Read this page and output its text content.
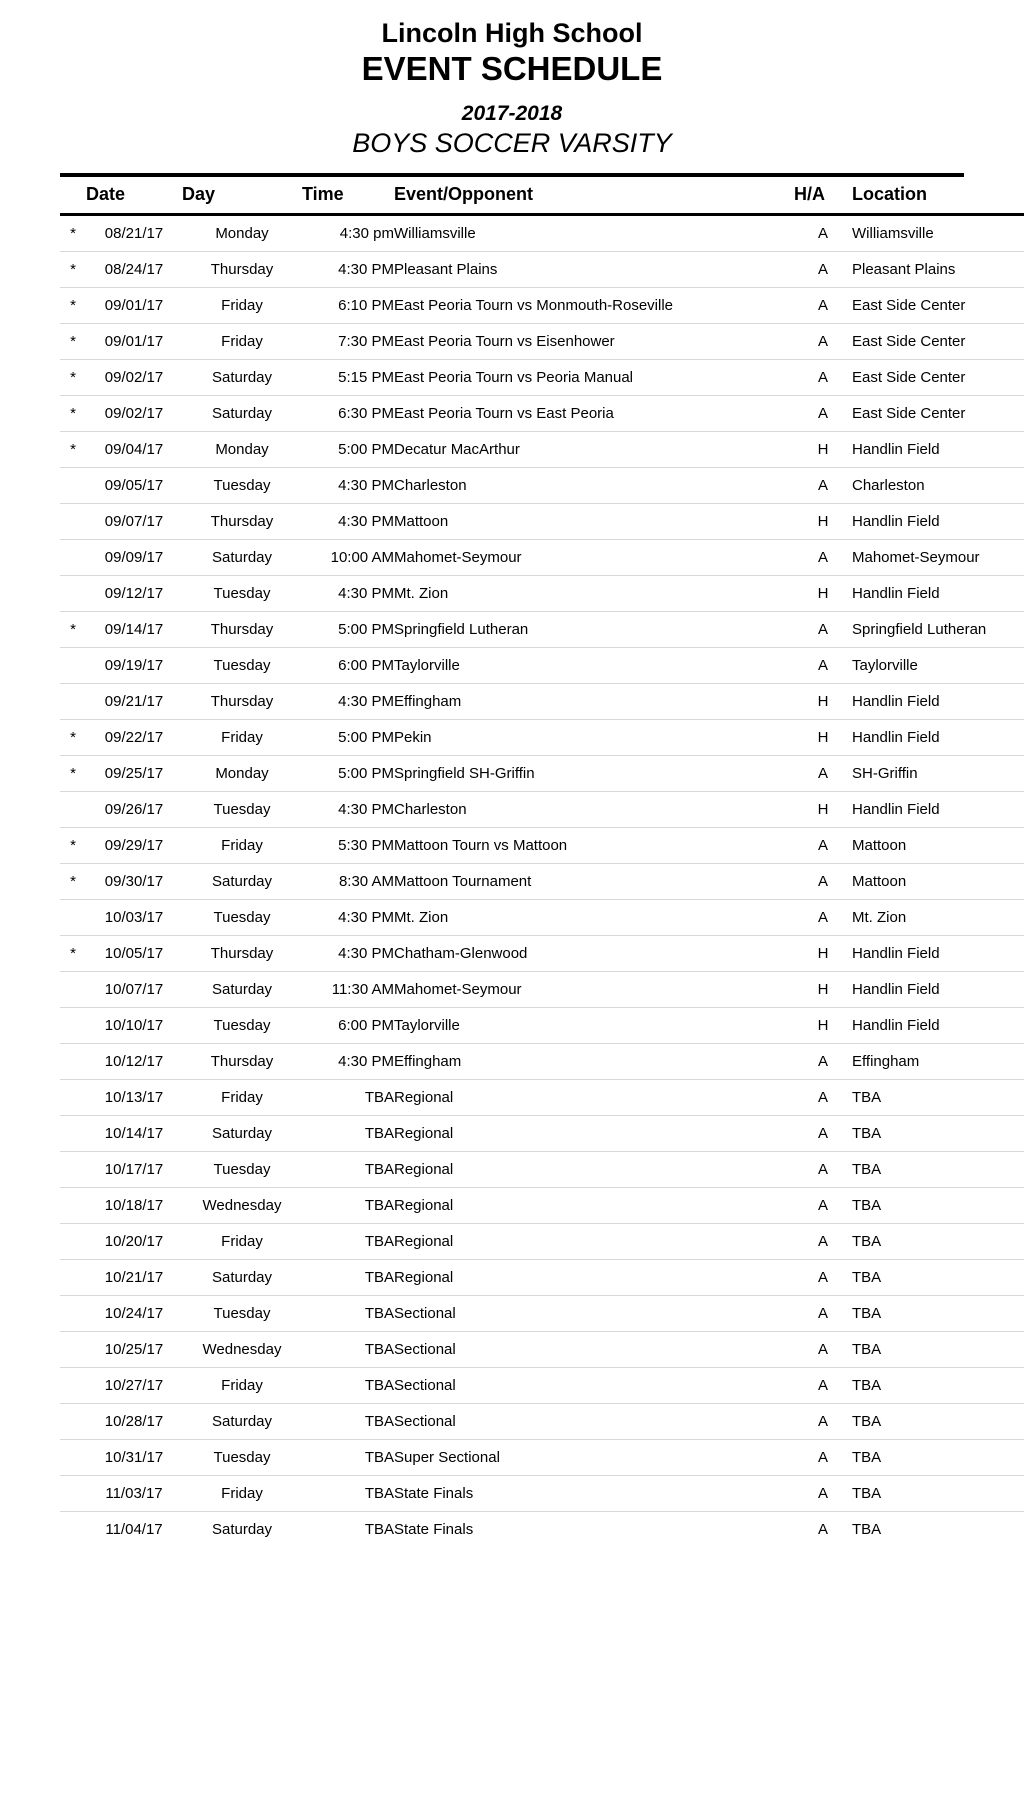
Lincoln High School
EVENT SCHEDULE
2017-2018
BOYS SOCCER VARSITY
	Date	Day	Time	Event/Opponent	H/A	Location
*	08/21/17	Monday	4:30 pm	Williamsville	A	Williamsville
*	08/24/17	Thursday	4:30 PM	Pleasant Plains	A	Pleasant Plains
*	09/01/17	Friday	6:10 PM	East Peoria Tourn vs Monmouth-Roseville	A	East Side Center
*	09/01/17	Friday	7:30 PM	East Peoria Tourn vs Eisenhower	A	East Side Center
*	09/02/17	Saturday	5:15 PM	East Peoria Tourn vs Peoria Manual	A	East Side Center
*	09/02/17	Saturday	6:30 PM	East Peoria Tourn vs East Peoria	A	East Side Center
*	09/04/17	Monday	5:00 PM	Decatur MacArthur	H	Handlin Field
	09/05/17	Tuesday	4:30 PM	Charleston	A	Charleston
	09/07/17	Thursday	4:30 PM	Mattoon	H	Handlin Field
	09/09/17	Saturday	10:00 AM	Mahomet-Seymour	A	Mahomet-Seymour
	09/12/17	Tuesday	4:30 PM	Mt. Zion	H	Handlin Field
*	09/14/17	Thursday	5:00 PM	Springfield Lutheran	A	Springfield Lutheran
	09/19/17	Tuesday	6:00 PM	Taylorville	A	Taylorville
	09/21/17	Thursday	4:30 PM	Effingham	H	Handlin Field
*	09/22/17	Friday	5:00 PM	Pekin	H	Handlin Field
*	09/25/17	Monday	5:00 PM	Springfield SH-Griffin	A	SH-Griffin
	09/26/17	Tuesday	4:30 PM	Charleston	H	Handlin Field
*	09/29/17	Friday	5:30 PM	Mattoon Tourn vs Mattoon	A	Mattoon
*	09/30/17	Saturday	8:30 AM	Mattoon Tournament	A	Mattoon
	10/03/17	Tuesday	4:30 PM	Mt. Zion	A	Mt. Zion
*	10/05/17	Thursday	4:30 PM	Chatham-Glenwood	H	Handlin Field
	10/07/17	Saturday	11:30 AM	Mahomet-Seymour	H	Handlin Field
	10/10/17	Tuesday	6:00 PM	Taylorville	H	Handlin Field
	10/12/17	Thursday	4:30 PM	Effingham	A	Effingham
	10/13/17	Friday	TBA	Regional	A	TBA
	10/14/17	Saturday	TBA	Regional	A	TBA
	10/17/17	Tuesday	TBA	Regional	A	TBA
	10/18/17	Wednesday	TBA	Regional	A	TBA
	10/20/17	Friday	TBA	Regional	A	TBA
	10/21/17	Saturday	TBA	Regional	A	TBA
	10/24/17	Tuesday	TBA	Sectional	A	TBA
	10/25/17	Wednesday	TBA	Sectional	A	TBA
	10/27/17	Friday	TBA	Sectional	A	TBA
	10/28/17	Saturday	TBA	Sectional	A	TBA
	10/31/17	Tuesday	TBA	Super Sectional	A	TBA
	11/03/17	Friday	TBA	State Finals	A	TBA
	11/04/17	Saturday	TBA	State Finals	A	TBA
